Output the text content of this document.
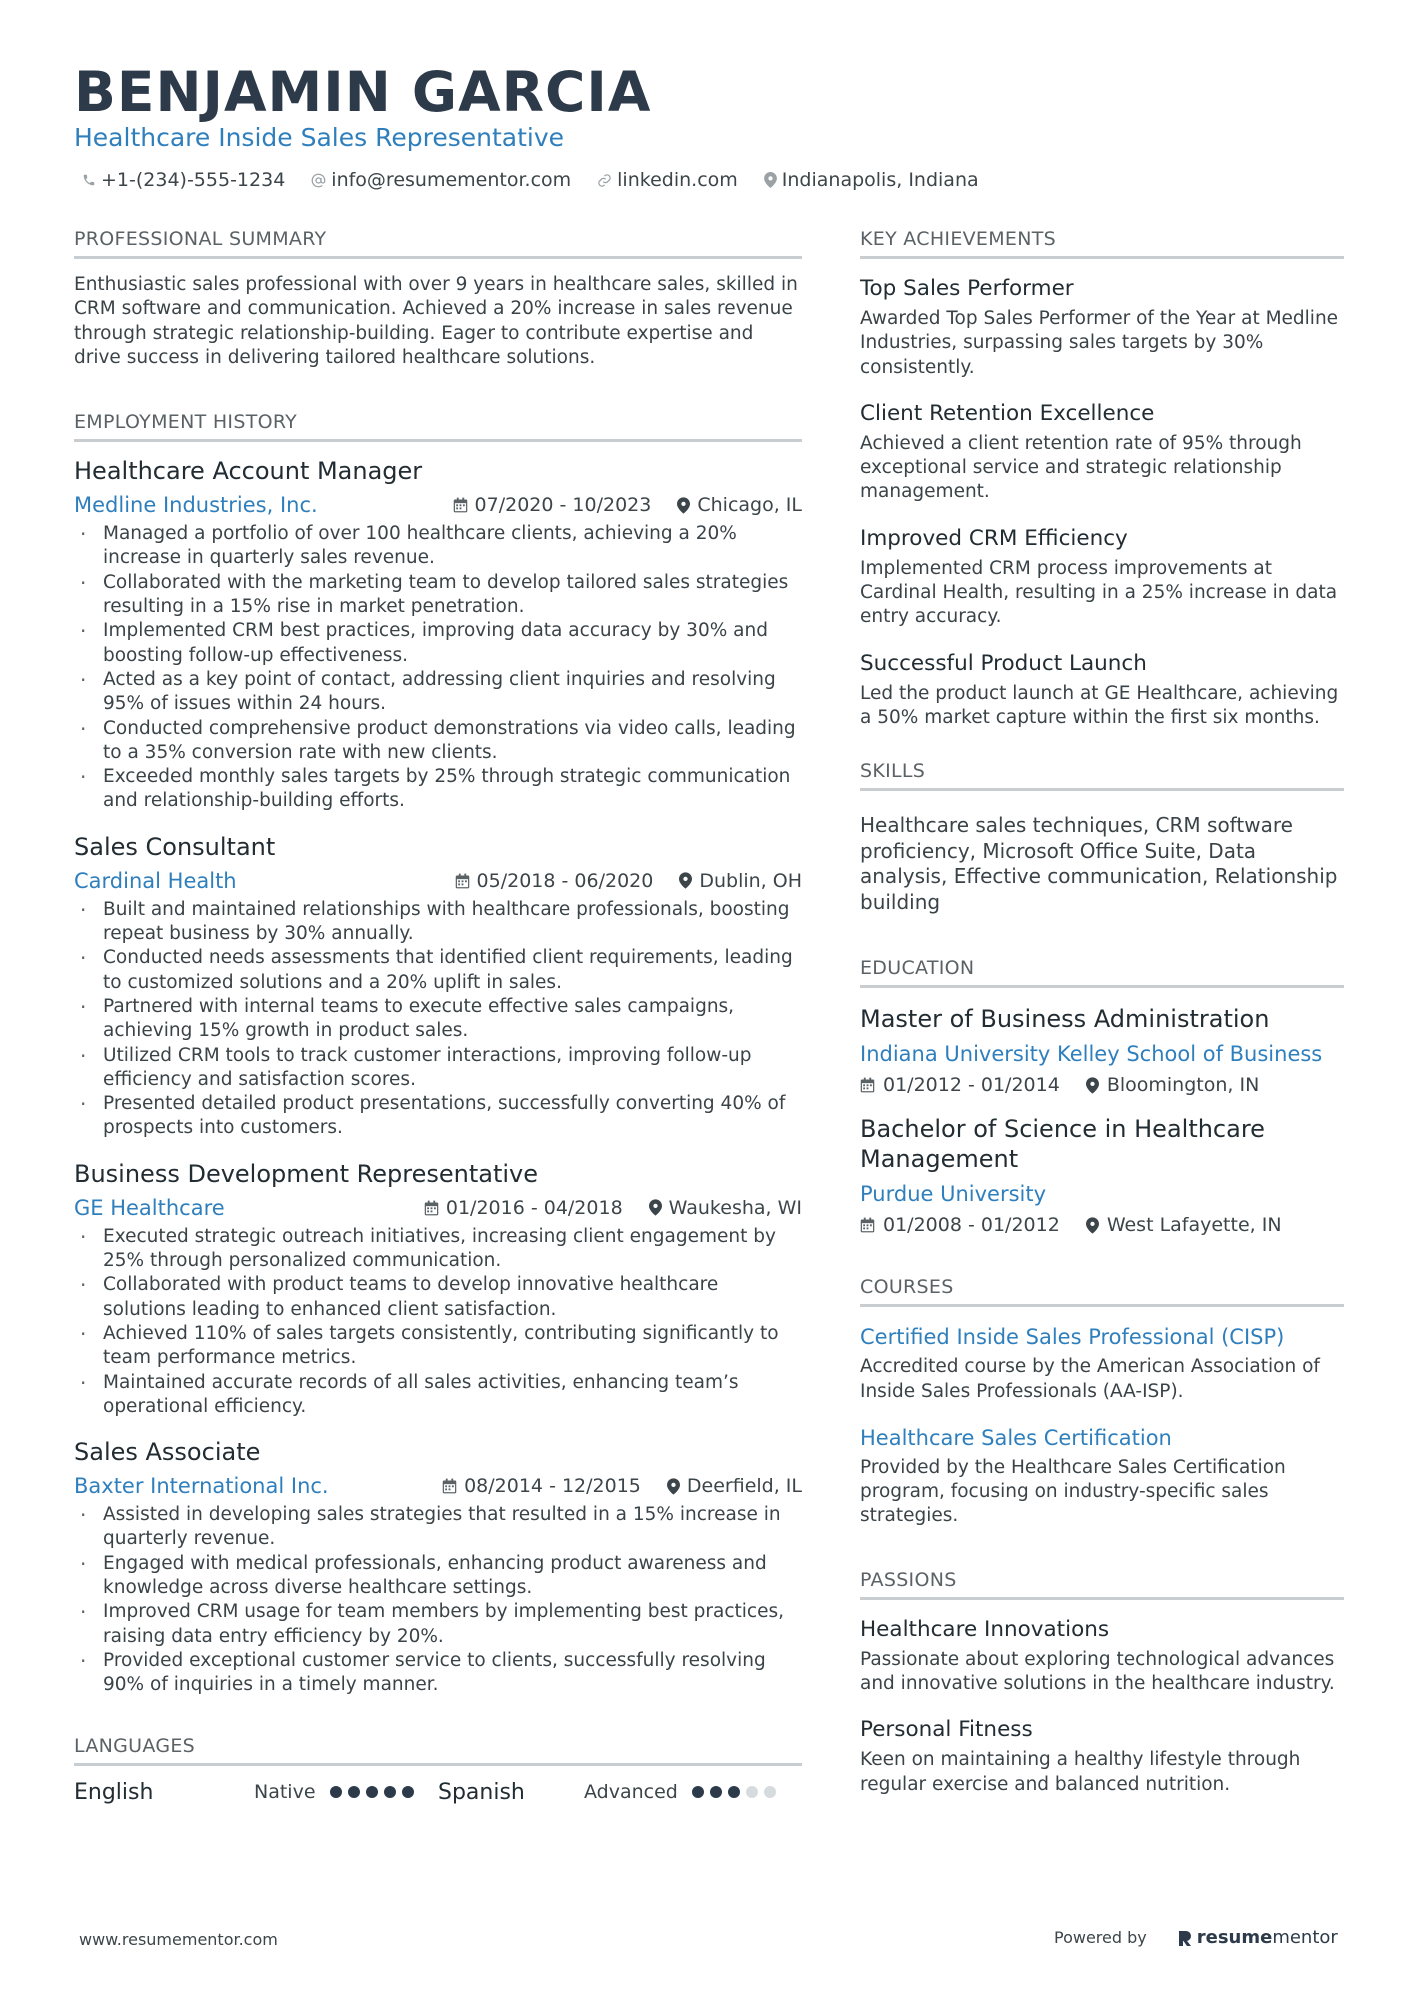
BENJAMIN GARCIA
Healthcare Inside Sales Representative
+1-(234)-555-1234 info@resumementor.com linkedin.com Indianapolis, Indiana
PROFESSIONAL SUMMARY

Enthusiastic sales professional with over 9 years in healthcare sales, skilled in CRM software and communication. Achieved a 20% increase in sales revenue through strategic relationship-building. Eager to contribute expertise and drive success in delivering tailored healthcare solutions.

EMPLOYMENT HISTORY
Healthcare Account Manager
Medline Industries, Inc.	07/2020 - 10/2023 Chicago, IL
· Managed a portfolio of over 100 healthcare clients, achieving a 20% increase in quarterly sales revenue.
· Collaborated with the marketing team to develop tailored sales strategies resulting in a 15% rise in market penetration.
· Implemented CRM best practices, improving data accuracy by 30% and boosting follow-up effectiveness.
· Acted as a key point of contact, addressing client inquiries and resolving 95% of issues within 24 hours.
· Conducted comprehensive product demonstrations via video calls, leading to a 35% conversion rate with new clients.
· Exceeded monthly sales targets by 25% through strategic communication and relationship-building efforts.
Sales Consultant
Cardinal Health	05/2018 - 06/2020 Dublin, OH
· Built and maintained relationships with healthcare professionals, boosting repeat business by 30% annually.
· Conducted needs assessments that identified client requirements, leading to customized solutions and a 20% uplift in sales.
· Partnered with internal teams to execute effective sales campaigns, achieving 15% growth in product sales.
· Utilized CRM tools to track customer interactions, improving follow-up efficiency and satisfaction scores.
· Presented detailed product presentations, successfully converting 40% of prospects into customers.
Business Development Representative
GE Healthcare	01/2016 - 04/2018 Waukesha, WI
· Executed strategic outreach initiatives, increasing client engagement by 25% through personalized communication.
· Collaborated with product teams to develop innovative healthcare solutions leading to enhanced client satisfaction.
· Achieved 110% of sales targets consistently, contributing significantly to team performance metrics.
· Maintained accurate records of all sales activities, enhancing team’s operational efficiency.
Sales Associate
Baxter International Inc.	08/2014 - 12/2015 Deerfield, IL
· Assisted in developing sales strategies that resulted in a 15% increase in quarterly revenue.
· Engaged with medical professionals, enhancing product awareness and knowledge across diverse healthcare settings.
· Improved CRM usage for team members by implementing best practices, raising data entry efficiency by 20%.
· Provided exceptional customer service to clients, successfully resolving 90% of inquiries in a timely manner.
LANGUAGES
English	Native	Spanish	Advanced
KEY ACHIEVEMENTS
Top Sales Performer

Awarded Top Sales Performer of the Year at Medline Industries, surpassing sales targets by 30% consistently.

Client Retention Excellence

Achieved a client retention rate of 95% through exceptional service and strategic relationship management.

Improved CRM Efficiency

Implemented CRM process improvements at Cardinal Health, resulting in a 25% increase in data entry accuracy.

Successful Product Launch

Led the product launch at GE Healthcare, achieving a 50% market capture within the first six months.

SKILLS

Healthcare sales techniques, CRM software proficiency, Microsoft Office Suite, Data analysis, Effective communication, Relationship building

EDUCATION
Master of Business Administration
Indiana University Kelley School of Business
01/2012 - 01/2014 Bloomington, IN
Bachelor of Science in Healthcare Management
Purdue University
01/2008 - 01/2012 West Lafayette, IN
COURSES
Certified Inside Sales Professional (CISP)

Accredited course by the American Association of Inside Sales Professionals (AA-ISP).

Healthcare Sales Certification

Provided by the Healthcare Sales Certification program, focusing on industry-specific sales strategies.

PASSIONS
Healthcare Innovations

Passionate about exploring technological advances and innovative solutions in the healthcare industry.

Personal Fitness

Keen on maintaining a healthy lifestyle through regular exercise and balanced nutrition.

www.resumementor.com	Powered by	resume mentor
